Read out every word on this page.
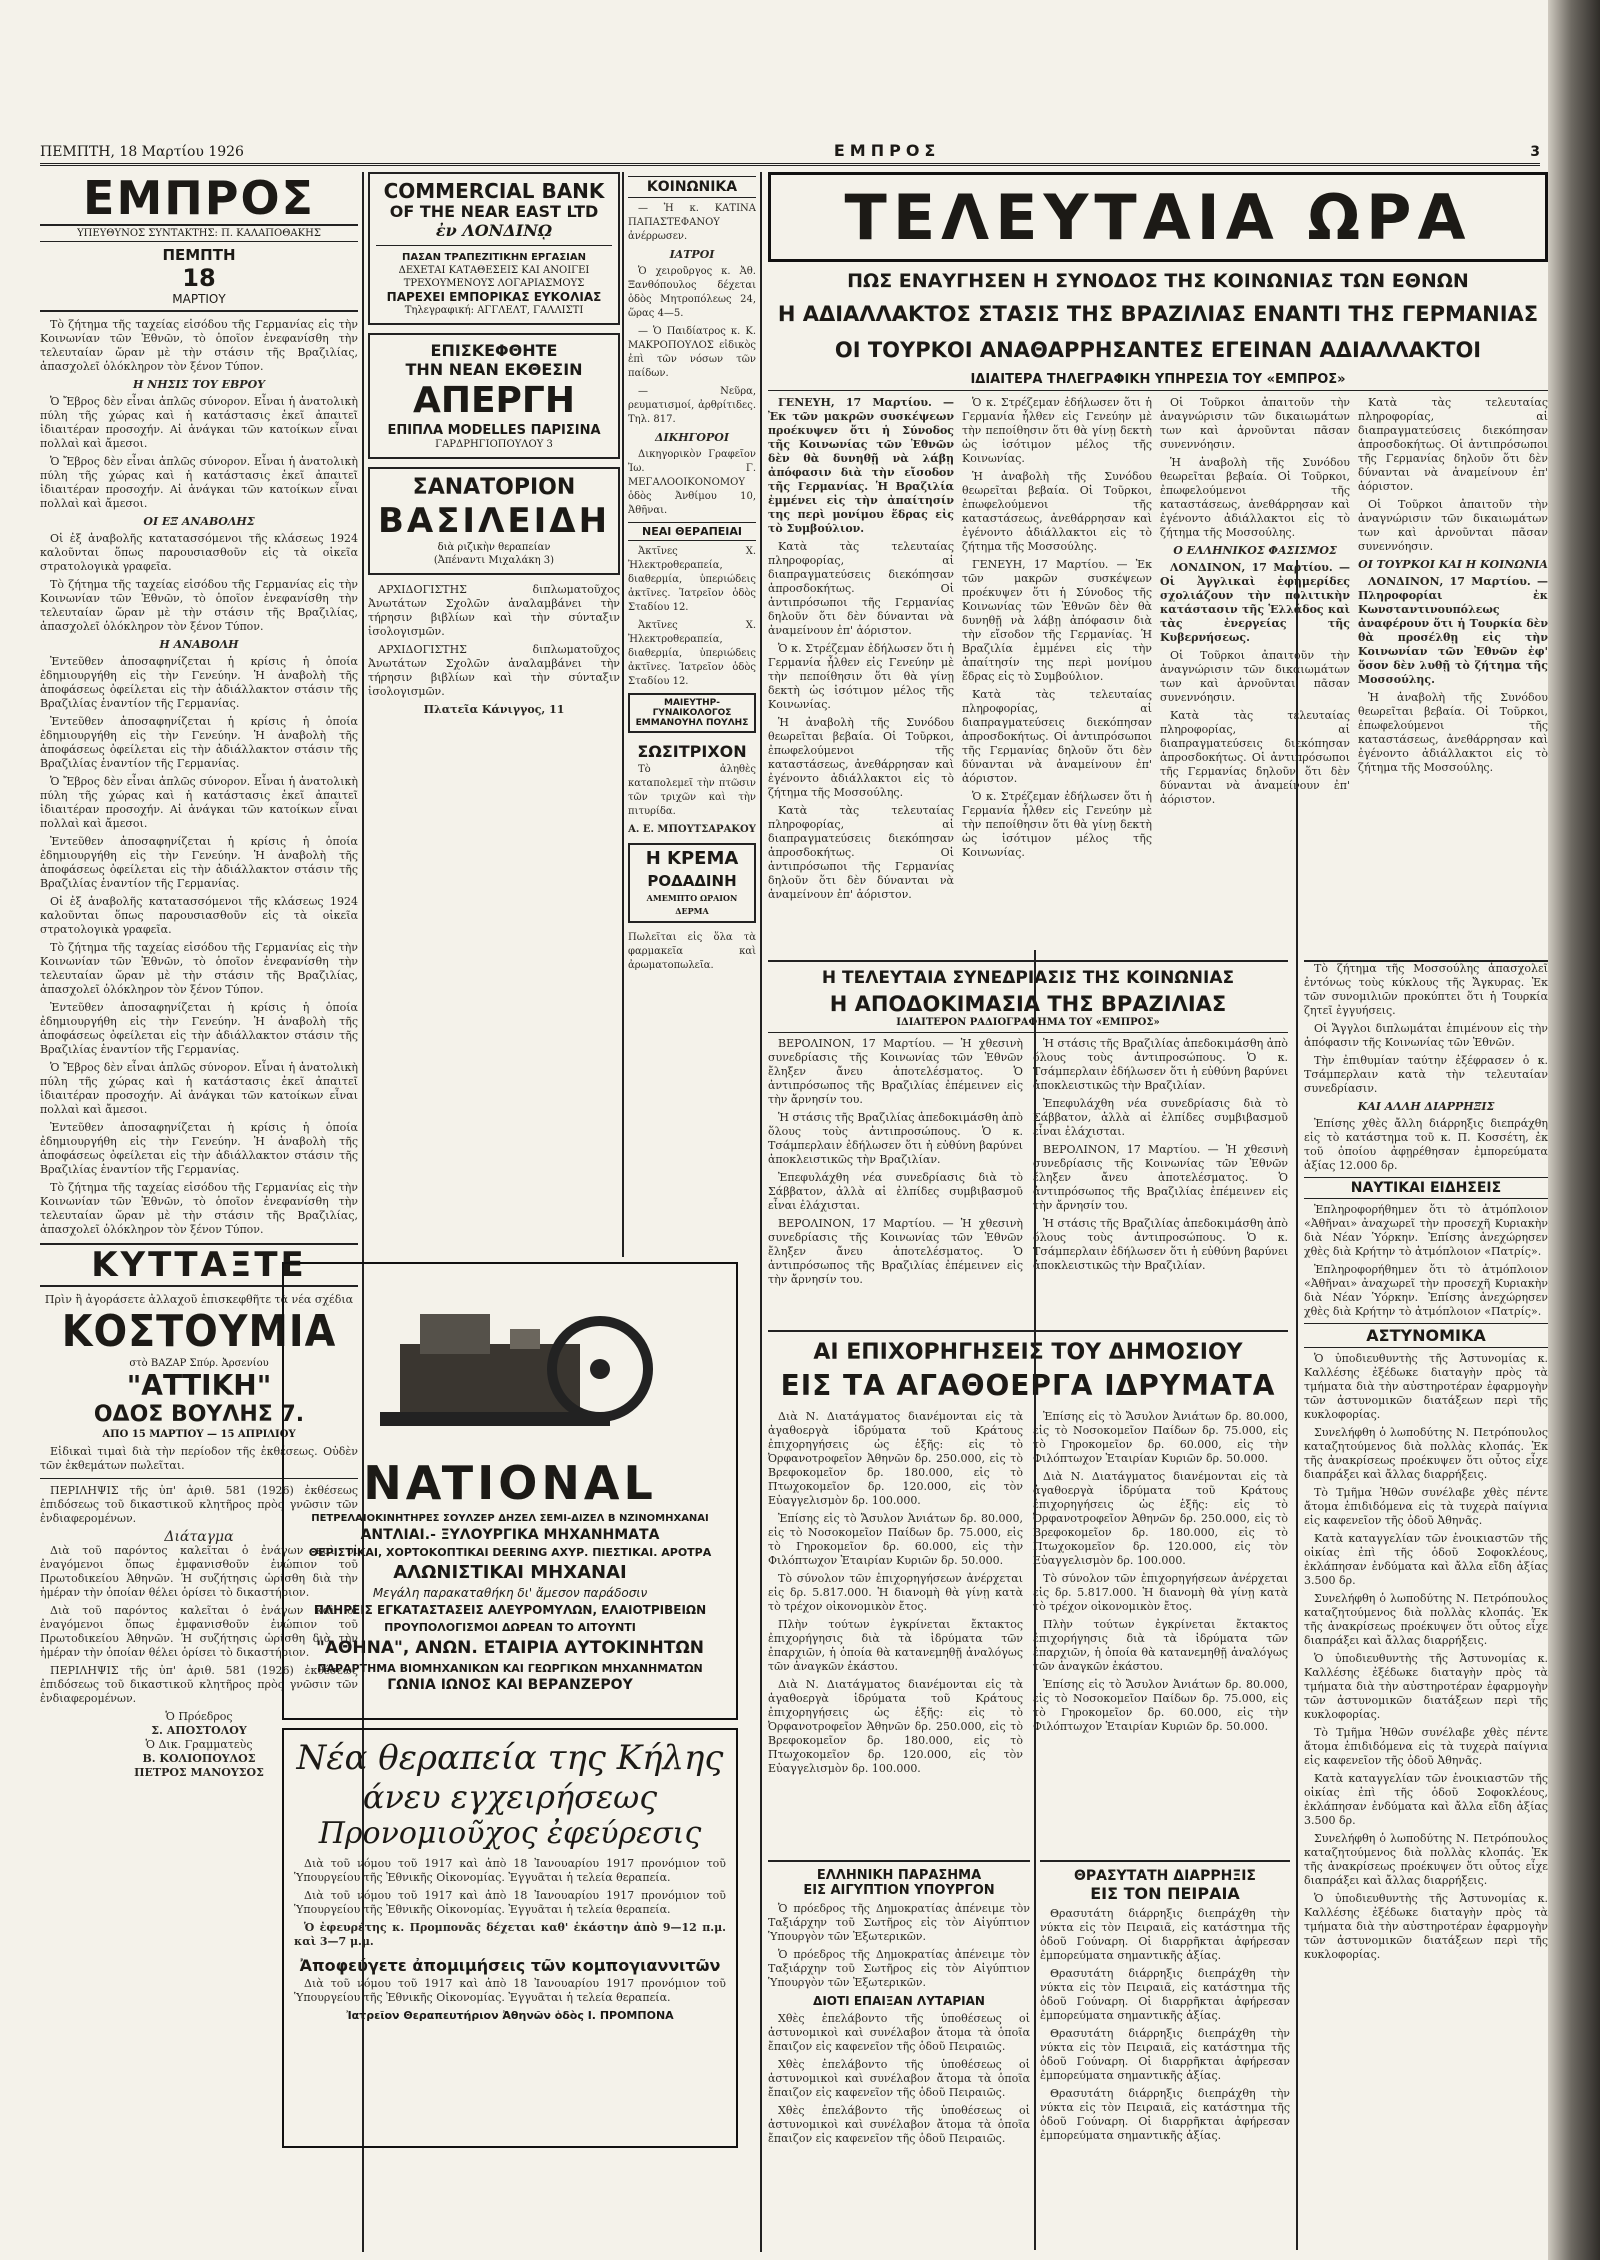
ΠΕΜΠΤΗ, 18 Μαρτίου 1926	ΕΜΠΡΟΣ	3
ΕΜΠΡΟΣ
ΥΠΕΥΘΥΝΟΣ ΣΥΝΤΑΚΤΗΣ: Π. ΚΑΛΑΠΟΘΑΚΗΣ
ΠΕΜΠΤΗ
18
ΜΑΡΤΙΟΥ

Τὸ ζήτημα τῆς ταχείας εἰσόδου τῆς Γερμανίας εἰς τὴν Κοινωνίαν τῶν Ἐθνῶν, τὸ ὁποῖον ἐνεφανίσθη τὴν τελευταίαν ὥραν μὲ τὴν στάσιν τῆς Βραζιλίας, ἀπασχολεῖ ὁλόκληρον τὸν ξένον Τύπον.

Η ΝΗΣΙΣ ΤΟΥ ΕΒΡΟΥ

Ὁ Ἔβρος δὲν εἶναι ἁπλῶς σύνορον. Εἶναι ἡ ἀνατολικὴ πύλη τῆς χώρας καὶ ἡ κατάστασις ἐκεῖ ἀπαιτεῖ ἰδιαιτέραν προσοχήν. Αἱ ἀνάγκαι τῶν κατοίκων εἶναι πολλαὶ καὶ ἄμεσοι.

Ὁ Ἔβρος δὲν εἶναι ἁπλῶς σύνορον. Εἶναι ἡ ἀνατολικὴ πύλη τῆς χώρας καὶ ἡ κατάστασις ἐκεῖ ἀπαιτεῖ ἰδιαιτέραν προσοχήν. Αἱ ἀνάγκαι τῶν κατοίκων εἶναι πολλαὶ καὶ ἄμεσοι.

ΟΙ ΕΞ ΑΝΑΒΟΛΗΣ

Οἱ ἐξ ἀναβολῆς κατατασσόμενοι τῆς κλάσεως 1924 καλοῦνται ὅπως παρουσιασθοῦν εἰς τὰ οἰκεῖα στρατολογικὰ γραφεῖα.

Τὸ ζήτημα τῆς ταχείας εἰσόδου τῆς Γερμανίας εἰς τὴν Κοινωνίαν τῶν Ἐθνῶν, τὸ ὁποῖον ἐνεφανίσθη τὴν τελευταίαν ὥραν μὲ τὴν στάσιν τῆς Βραζιλίας, ἀπασχολεῖ ὁλόκληρον τὸν ξένον Τύπον.

Η ΑΝΑΒΟΛΗ

Ἐντεῦθεν ἀποσαφηνίζεται ἡ κρίσις ἡ ὁποία ἐδημιουργήθη εἰς τὴν Γενεύην. Ἡ ἀναβολὴ τῆς ἀποφάσεως ὀφείλεται εἰς τὴν ἀδιάλλακτον στάσιν τῆς Βραζιλίας ἐναντίον τῆς Γερμανίας.

Ἐντεῦθεν ἀποσαφηνίζεται ἡ κρίσις ἡ ὁποία ἐδημιουργήθη εἰς τὴν Γενεύην. Ἡ ἀναβολὴ τῆς ἀποφάσεως ὀφείλεται εἰς τὴν ἀδιάλλακτον στάσιν τῆς Βραζιλίας ἐναντίον τῆς Γερμανίας.

Ὁ Ἔβρος δὲν εἶναι ἁπλῶς σύνορον. Εἶναι ἡ ἀνατολικὴ πύλη τῆς χώρας καὶ ἡ κατάστασις ἐκεῖ ἀπαιτεῖ ἰδιαιτέραν προσοχήν. Αἱ ἀνάγκαι τῶν κατοίκων εἶναι πολλαὶ καὶ ἄμεσοι.

Ἐντεῦθεν ἀποσαφηνίζεται ἡ κρίσις ἡ ὁποία ἐδημιουργήθη εἰς τὴν Γενεύην. Ἡ ἀναβολὴ τῆς ἀποφάσεως ὀφείλεται εἰς τὴν ἀδιάλλακτον στάσιν τῆς Βραζιλίας ἐναντίον τῆς Γερμανίας.

Οἱ ἐξ ἀναβολῆς κατατασσόμενοι τῆς κλάσεως 1924 καλοῦνται ὅπως παρουσιασθοῦν εἰς τὰ οἰκεῖα στρατολογικὰ γραφεῖα.

Τὸ ζήτημα τῆς ταχείας εἰσόδου τῆς Γερμανίας εἰς τὴν Κοινωνίαν τῶν Ἐθνῶν, τὸ ὁποῖον ἐνεφανίσθη τὴν τελευταίαν ὥραν μὲ τὴν στάσιν τῆς Βραζιλίας, ἀπασχολεῖ ὁλόκληρον τὸν ξένον Τύπον.

Ἐντεῦθεν ἀποσαφηνίζεται ἡ κρίσις ἡ ὁποία ἐδημιουργήθη εἰς τὴν Γενεύην. Ἡ ἀναβολὴ τῆς ἀποφάσεως ὀφείλεται εἰς τὴν ἀδιάλλακτον στάσιν τῆς Βραζιλίας ἐναντίον τῆς Γερμανίας.

Ὁ Ἔβρος δὲν εἶναι ἁπλῶς σύνορον. Εἶναι ἡ ἀνατολικὴ πύλη τῆς χώρας καὶ ἡ κατάστασις ἐκεῖ ἀπαιτεῖ ἰδιαιτέραν προσοχήν. Αἱ ἀνάγκαι τῶν κατοίκων εἶναι πολλαὶ καὶ ἄμεσοι.

Ἐντεῦθεν ἀποσαφηνίζεται ἡ κρίσις ἡ ὁποία ἐδημιουργήθη εἰς τὴν Γενεύην. Ἡ ἀναβολὴ τῆς ἀποφάσεως ὀφείλεται εἰς τὴν ἀδιάλλακτον στάσιν τῆς Βραζιλίας ἐναντίον τῆς Γερμανίας.

Τὸ ζήτημα τῆς ταχείας εἰσόδου τῆς Γερμανίας εἰς τὴν Κοινωνίαν τῶν Ἐθνῶν, τὸ ὁποῖον ἐνεφανίσθη τὴν τελευταίαν ὥραν μὲ τὴν στάσιν τῆς Βραζιλίας, ἀπασχολεῖ ὁλόκληρον τὸν ξένον Τύπον.

ΚΥΤΤΑΞΤΕ
Πρὶν ἢ ἀγοράσετε ἀλλαχοῦ ἐπισκεφθῆτε τὰ νέα σχέδια
ΚΟΣΤΟΥΜΙΑ
στὸ ΒΑΖΑΡ Σπύρ. Ἀρσενίου
"ΑΤΤΙΚΗ"
ΟΔΟΣ ΒΟΥΛΗΣ 7.
ΑΠΟ 15 ΜΑΡΤΙΟΥ — 15 ΑΠΡΙΛΙΟΥ

Εἰδικαὶ τιμαὶ διὰ τὴν περίοδον τῆς ἐκθέσεως. Οὐδὲν τῶν ἐκθεμάτων πωλεῖται.

ΠΕΡΙΛΗΨΙΣ τῆς ὑπ' ἀριθ. 581 (1926) ἐκθέσεως ἐπιδόσεως τοῦ δικαστικοῦ κλητῆρος πρὸς γνῶσιν τῶν ἐνδιαφερομένων.

Διάταγμα

Διὰ τοῦ παρόντος καλεῖται ὁ ἐνάγων καὶ οἱ ἐναγόμενοι ὅπως ἐμφανισθοῦν ἐνώπιον τοῦ Πρωτοδικείου Ἀθηνῶν. Ἡ συζήτησις ὡρίσθη διὰ τὴν ἡμέραν τὴν ὁποίαν θέλει ὁρίσει τὸ δικαστήριον.

Διὰ τοῦ παρόντος καλεῖται ὁ ἐνάγων καὶ οἱ ἐναγόμενοι ὅπως ἐμφανισθοῦν ἐνώπιον τοῦ Πρωτοδικείου Ἀθηνῶν. Ἡ συζήτησις ὡρίσθη διὰ τὴν ἡμέραν τὴν ὁποίαν θέλει ὁρίσει τὸ δικαστήριον.

ΠΕΡΙΛΗΨΙΣ τῆς ὑπ' ἀριθ. 581 (1926) ἐκθέσεως ἐπιδόσεως τοῦ δικαστικοῦ κλητῆρος πρὸς γνῶσιν τῶν ἐνδιαφερομένων.

Ὁ Πρόεδρος
Σ. ΑΠΟΣΤΟΛΟΥ
Ὁ Δικ. Γραμματεὺς
Β. ΚΟΛΙΟΠΟΥΛΟΣ
ΠΕΤΡΟΣ ΜΑΝΟΥΣΟΣ
COMMERCIAL BANK
OF THE NEAR EAST LTD
ἐν ΛΟΝΔΙΝῼ
ΠΑΣΑΝ ΤΡΑΠΕΖΙΤΙΚΗΝ ΕΡΓΑΣΙΑΝ
ΔΕΧΕΤΑΙ ΚΑΤΑΘΕΣΕΙΣ ΚΑΙ ΑΝΟΙΓΕΙ ΤΡΕΧΟΥΜΕΝΟΥΣ ΛΟΓΑΡΙΑΣΜΟΥΣ
ΠΑΡΕΧΕΙ ΕΜΠΟΡΙΚΑΣ ΕΥΚΟΛΙΑΣ
Τηλεγραφική: ΑΓΓΛΕΛΤ, ΓΑΛΛΙΣΤΙ
ΕΠΙΣΚΕΦΘΗΤΕ
ΤΗΝ ΝΕΑΝ ΕΚΘΕΣΙΝ
ΑΠΕΡΓΗ
ΕΠΙΠΛΑ MODELLES ΠΑΡΙΣΙΝΑ
ΓΑΡΔΡΗΓΙΟΠΟΥΛΟΥ 3
ΣΑΝΑΤΟΡΙΟΝ
ΒΑΣΙΛΕΙΔΗ
διὰ ριζικὴν θεραπείαν
(Ἀπέναντι Μιχαλάκη 3)

ΑΡΧΙΔΟΓΙΣΤΗΣ διπλωματοῦχος Ἀνωτάτων Σχολῶν ἀναλαμβάνει τὴν τήρησιν βιβλίων καὶ τὴν σύνταξιν ἰσολογισμῶν.

ΑΡΧΙΔΟΓΙΣΤΗΣ διπλωματοῦχος Ἀνωτάτων Σχολῶν ἀναλαμβάνει τὴν τήρησιν βιβλίων καὶ τὴν σύνταξιν ἰσολογισμῶν.

Πλατεῖα Κάνιγγος, 11
ΚΟΙΝΩΝΙΚΑ

— Ἡ κ. ΚΑΤΙΝΑ ΠΑΠΑΣΤΕΦΑΝΟΥ ἀνέρρωσεν.

ΙΑΤΡΟΙ

Ὁ χειροῦργος κ. Ἀθ. Ξανθόπουλος δέχεται ὁδὸς Μητροπόλεως 24, ὥρας 4—5.

— Ὁ Παιδίατρος κ. Κ. ΜΑΚΡΟΠΟΥΛΟΣ εἰδικὸς ἐπὶ τῶν νόσων τῶν παίδων.

— Νεῦρα, ρευματισμοί, ἀρθρίτιδες. Τηλ. 817.

ΔΙΚΗΓΟΡΟΙ

Δικηγορικὸν Γραφεῖον Ἰω. Γ. ΜΕΓΑΛΟΟΙΚΟΝΟΜΟΥ ὁδὸς Ἀνθίμου 10, Ἀθῆναι.

ΝΕΑΙ ΘΕΡΑΠΕΙΑΙ

Ἀκτῖνες Χ. Ἠλεκτροθεραπεία, διαθερμία, ὑπεριώδεις ἀκτῖνες. Ἰατρεῖον ὁδὸς Σταδίου 12.

Ἀκτῖνες Χ. Ἠλεκτροθεραπεία, διαθερμία, ὑπεριώδεις ἀκτῖνες. Ἰατρεῖον ὁδὸς Σταδίου 12.

ΜΑΙΕΥΤΗΡ-ΓΥΝΑΙΚΟΛΟΓΟΣ
ΕΜΜΑΝΟΥΗΛ ΠΟΥΛΗΣ
ΣΩΣΙΤΡΙΧΟΝ

Τὸ ἀληθὲς καταπολεμεῖ τὴν πτῶσιν τῶν τριχῶν καὶ τὴν πιτυρίδα.

Α. Ε. ΜΠΟΥΤΣΑΡΑΚΟΥ
Η ΚΡΕΜΑ
ΡΟΔΑΔΙΝΗ
ΑΜΕΜΠΤΟ ΩΡΑΙΟΝ ΔΕΡΜΑ
Πωλεῖται εἰς ὅλα τὰ φαρμακεῖα καὶ ἀρωματοπωλεῖα.
NATIONAL
ΠΕΤΡΕΛΑΙΟΚΙΝΗΤΗΡΕΣ ΣΟΥΛΖΕΡ ΔΗΖΕΛ ΣΕΜΙ-ΔΙΖΕΛ Β ΝΖΙΝΟΜΗΧΑΝΑΙ
ΑΝΤΛΙΑΙ.- ΞΥΛΟΥΡΓΙΚΑ ΜΗΧΑΝΗΜΑΤΑ
ΘΕΡΙΣΤΙΚΑΙ, ΧΟΡΤΟΚΟΠΤΙΚΑΙ DEERING ΑΧΥΡ. ΠΙΕΣΤΙΚΑΙ. ΑΡΟΤΡΑ
ΑΛΩΝΙΣΤΙΚΑΙ ΜΗΧΑΝΑΙ
Μεγάλη παρακαταθήκη δι' ἄμεσον παράδοσιν
ΠΛΗΡΕΙΣ ΕΓΚΑΤΑΣΤΑΣΕΙΣ ΑΛΕΥΡΟΜΥΛΩΝ, ΕΛΑΙΟΤΡΙΒΕΙΩΝ
ΠΡΟΥΠΟΛΟΓΙΣΜΟΙ ΔΩΡΕΑΝ ΤΟ ΑΙΤΟΥΝΤΙ
"ΑΘΗΝΑ", ΑΝΩΝ. ΕΤΑΙΡΙΑ ΑΥΤΟΚΙΝΗΤΩΝ
ΠΑΡΑΡΤΗΜΑ ΒΙΟΜΗΧΑΝΙΚΩΝ ΚΑΙ ΓΕΩΡΓΙΚΩΝ ΜΗΧΑΝΗΜΑΤΩΝ
ΓΩΝΙΑ ΙΩΝΟΣ ΚΑΙ ΒΕΡΑΝΖΕΡΟΥ
Νέα θεραπεία της Κήλης
άνευ εγχειρήσεως
Προνομιοῦχος ἐφεύρεσις

Διὰ τοῦ νόμου τοῦ 1917 καὶ ἀπὸ 18 Ἰανουαρίου 1917 προνόμιον τοῦ Ὑπουργείου τῆς Ἐθνικῆς Οἰκονομίας. Ἐγγυᾶται ἡ τελεία θεραπεία.

Διὰ τοῦ νόμου τοῦ 1917 καὶ ἀπὸ 18 Ἰανουαρίου 1917 προνόμιον τοῦ Ὑπουργείου τῆς Ἐθνικῆς Οἰκονομίας. Ἐγγυᾶται ἡ τελεία θεραπεία.

Ὁ ἐφευρέτης κ. Προμπονᾶς δέχεται καθ' ἑκάστην ἀπὸ 9—12 π.μ. καὶ 3—7 μ.μ.

Ἀποφεύγετε ἀπομιμήσεις τῶν κομπογιαννιτῶν

Διὰ τοῦ νόμου τοῦ 1917 καὶ ἀπὸ 18 Ἰανουαρίου 1917 προνόμιον τοῦ Ὑπουργείου τῆς Ἐθνικῆς Οἰκονομίας. Ἐγγυᾶται ἡ τελεία θεραπεία.

Ἰατρεῖον Θεραπευτήριον Ἀθηνῶν ὁδὸς Ι. ΠΡΟΜΠΟΝΑ
ΤΕΛΕΥΤΑΙΑ ΩΡΑ
ΠΩΣ ΕΝΑΥΓΗΣΕΝ Η ΣΥΝΟΔΟΣ ΤΗΣ ΚΟΙΝΩΝΙΑΣ ΤΩΝ ΕΘΝΩΝ
Η ΑΔΙΑΛΛΑΚΤΟΣ ΣΤΑΣΙΣ ΤΗΣ ΒΡΑΖΙΛΙΑΣ ΕΝΑΝΤΙ ΤΗΣ ΓΕΡΜΑΝΙΑΣ
ΟΙ ΤΟΥΡΚΟΙ ΑΝΑΘΑΡΡΗΣΑΝΤΕΣ ΕΓΕΙΝΑΝ ΑΔΙΑΛΛΑΚΤΟΙ
ΙΔΙΑΙΤΕΡΑ ΤΗΛΕΓΡΑΦΙΚΗ ΥΠΗΡΕΣΙΑ ΤΟΥ «ΕΜΠΡΟΣ»

ΓΕΝΕΥΗ, 17 Μαρτίου. — Ἐκ τῶν μακρῶν συσκέψεων προέκυψεν ὅτι ἡ Σύνοδος τῆς Κοινωνίας τῶν Ἐθνῶν δὲν θὰ δυνηθῇ νὰ λάβῃ ἀπόφασιν διὰ τὴν εἴσοδον τῆς Γερμανίας. Ἡ Βραζιλία ἐμμένει εἰς τὴν ἀπαίτησίν της περὶ μονίμου ἕδρας εἰς τὸ Συμβούλιον.

Κατὰ τὰς τελευταίας πληροφορίας, αἱ διαπραγματεύσεις διεκόπησαν ἀπροσδοκήτως. Οἱ ἀντιπρόσωποι τῆς Γερμανίας δηλοῦν ὅτι δὲν δύνανται νὰ ἀναμείνουν ἐπ' ἀόριστον.

Ὁ κ. Στρέζεμαν ἐδήλωσεν ὅτι ἡ Γερμανία ἦλθεν εἰς Γενεύην μὲ τὴν πεποίθησιν ὅτι θὰ γίνῃ δεκτὴ ὡς ἰσότιμον μέλος τῆς Κοινωνίας.

Ἡ ἀναβολὴ τῆς Συνόδου θεωρεῖται βεβαία. Οἱ Τοῦρκοι, ἐπωφελούμενοι τῆς καταστάσεως, ἀνεθάρρησαν καὶ ἐγένοντο ἀδιάλλακτοι εἰς τὸ ζήτημα τῆς Μοσσούλης.

Κατὰ τὰς τελευταίας πληροφορίας, αἱ διαπραγματεύσεις διεκόπησαν ἀπροσδοκήτως. Οἱ ἀντιπρόσωποι τῆς Γερμανίας δηλοῦν ὅτι δὲν δύνανται νὰ ἀναμείνουν ἐπ' ἀόριστον.

Ὁ κ. Στρέζεμαν ἐδήλωσεν ὅτι ἡ Γερμανία ἦλθεν εἰς Γενεύην μὲ τὴν πεποίθησιν ὅτι θὰ γίνῃ δεκτὴ ὡς ἰσότιμον μέλος τῆς Κοινωνίας.

Ἡ ἀναβολὴ τῆς Συνόδου θεωρεῖται βεβαία. Οἱ Τοῦρκοι, ἐπωφελούμενοι τῆς καταστάσεως, ἀνεθάρρησαν καὶ ἐγένοντο ἀδιάλλακτοι εἰς τὸ ζήτημα τῆς Μοσσούλης.

ΓΕΝΕΥΗ, 17 Μαρτίου. — Ἐκ τῶν μακρῶν συσκέψεων προέκυψεν ὅτι ἡ Σύνοδος τῆς Κοινωνίας τῶν Ἐθνῶν δὲν θὰ δυνηθῇ νὰ λάβῃ ἀπόφασιν διὰ τὴν εἴσοδον τῆς Γερμανίας. Ἡ Βραζιλία ἐμμένει εἰς τὴν ἀπαίτησίν της περὶ μονίμου ἕδρας εἰς τὸ Συμβούλιον.

Κατὰ τὰς τελευταίας πληροφορίας, αἱ διαπραγματεύσεις διεκόπησαν ἀπροσδοκήτως. Οἱ ἀντιπρόσωποι τῆς Γερμανίας δηλοῦν ὅτι δὲν δύνανται νὰ ἀναμείνουν ἐπ' ἀόριστον.

Ὁ κ. Στρέζεμαν ἐδήλωσεν ὅτι ἡ Γερμανία ἦλθεν εἰς Γενεύην μὲ τὴν πεποίθησιν ὅτι θὰ γίνῃ δεκτὴ ὡς ἰσότιμον μέλος τῆς Κοινωνίας.

Οἱ Τοῦρκοι ἀπαιτοῦν τὴν ἀναγνώρισιν τῶν δικαιωμάτων των καὶ ἀρνοῦνται πᾶσαν συνεννόησιν.

Ἡ ἀναβολὴ τῆς Συνόδου θεωρεῖται βεβαία. Οἱ Τοῦρκοι, ἐπωφελούμενοι τῆς καταστάσεως, ἀνεθάρρησαν καὶ ἐγένοντο ἀδιάλλακτοι εἰς τὸ ζήτημα τῆς Μοσσούλης.

Ο ΕΛΛΗΝΙΚΟΣ ΦΑΣΙΣΜΟΣ

ΛΟΝΔΙΝΟΝ, 17 Μαρτίου. — Οἱ Ἀγγλικαὶ ἐφημερίδες σχολιάζουν τὴν πολιτικὴν κατάστασιν τῆς Ἑλλάδος καὶ τὰς ἐνεργείας τῆς Κυβερνήσεως.

Οἱ Τοῦρκοι ἀπαιτοῦν τὴν ἀναγνώρισιν τῶν δικαιωμάτων των καὶ ἀρνοῦνται πᾶσαν συνεννόησιν.

Κατὰ τὰς τελευταίας πληροφορίας, αἱ διαπραγματεύσεις διεκόπησαν ἀπροσδοκήτως. Οἱ ἀντιπρόσωποι τῆς Γερμανίας δηλοῦν ὅτι δὲν δύνανται νὰ ἀναμείνουν ἐπ' ἀόριστον.

Κατὰ τὰς τελευταίας πληροφορίας, αἱ διαπραγματεύσεις διεκόπησαν ἀπροσδοκήτως. Οἱ ἀντιπρόσωποι τῆς Γερμανίας δηλοῦν ὅτι δὲν δύνανται νὰ ἀναμείνουν ἐπ' ἀόριστον.

Οἱ Τοῦρκοι ἀπαιτοῦν τὴν ἀναγνώρισιν τῶν δικαιωμάτων των καὶ ἀρνοῦνται πᾶσαν συνεννόησιν.

ΟΙ ΤΟΥΡΚΟΙ ΚΑΙ Η ΚΟΙΝΩΝΙΑ

ΛΟΝΔΙΝΟΝ, 17 Μαρτίου. — Πληροφορίαι ἐκ Κωνσταντινουπόλεως ἀναφέρουν ὅτι ἡ Τουρκία δὲν θὰ προσέλθῃ εἰς τὴν Κοινωνίαν τῶν Ἐθνῶν ἐφ' ὅσον δὲν λυθῇ τὸ ζήτημα τῆς Μοσσούλης.

Ἡ ἀναβολὴ τῆς Συνόδου θεωρεῖται βεβαία. Οἱ Τοῦρκοι, ἐπωφελούμενοι τῆς καταστάσεως, ἀνεθάρρησαν καὶ ἐγένοντο ἀδιάλλακτοι εἰς τὸ ζήτημα τῆς Μοσσούλης.

Η ΤΕΛΕΥΤΑΙΑ ΣΥΝΕΔΡΙΑΣΙΣ ΤΗΣ ΚΟΙΝΩΝΙΑΣ
Η ΑΠΟΔΟΚΙΜΑΣΙΑ ΤΗΣ ΒΡΑΖΙΛΙΑΣ
ΙΔΙΑΙΤΕΡΟΝ ΡΑΔΙΟΓΡΑΦΗΜΑ ΤΟΥ «ΕΜΠΡΟΣ»

ΒΕΡΟΛΙΝΟΝ, 17 Μαρτίου. — Ἡ χθεσινὴ συνεδρίασις τῆς Κοινωνίας τῶν Ἐθνῶν ἔληξεν ἄνευ ἀποτελέσματος. Ὁ ἀντιπρόσωπος τῆς Βραζιλίας ἐπέμεινεν εἰς τὴν ἄρνησίν του.

Ἡ στάσις τῆς Βραζιλίας ἀπεδοκιμάσθη ἀπὸ ὅλους τοὺς ἀντιπροσώπους. Ὁ κ. Τσάμπερλαιν ἐδήλωσεν ὅτι ἡ εὐθύνη βαρύνει ἀποκλειστικῶς τὴν Βραζιλίαν.

Ἐπεφυλάχθη νέα συνεδρίασις διὰ τὸ Σάββατον, ἀλλὰ αἱ ἐλπίδες συμβιβασμοῦ εἶναι ἐλάχισται.

ΒΕΡΟΛΙΝΟΝ, 17 Μαρτίου. — Ἡ χθεσινὴ συνεδρίασις τῆς Κοινωνίας τῶν Ἐθνῶν ἔληξεν ἄνευ ἀποτελέσματος. Ὁ ἀντιπρόσωπος τῆς Βραζιλίας ἐπέμεινεν εἰς τὴν ἄρνησίν του.

Ἡ στάσις τῆς Βραζιλίας ἀπεδοκιμάσθη ἀπὸ ὅλους τοὺς ἀντιπροσώπους. Ὁ κ. Τσάμπερλαιν ἐδήλωσεν ὅτι ἡ εὐθύνη βαρύνει ἀποκλειστικῶς τὴν Βραζιλίαν.

Ἐπεφυλάχθη νέα συνεδρίασις διὰ τὸ Σάββατον, ἀλλὰ αἱ ἐλπίδες συμβιβασμοῦ εἶναι ἐλάχισται.

ΒΕΡΟΛΙΝΟΝ, 17 Μαρτίου. — Ἡ χθεσινὴ συνεδρίασις τῆς Κοινωνίας τῶν Ἐθνῶν ἔληξεν ἄνευ ἀποτελέσματος. Ὁ ἀντιπρόσωπος τῆς Βραζιλίας ἐπέμεινεν εἰς τὴν ἄρνησίν του.

Ἡ στάσις τῆς Βραζιλίας ἀπεδοκιμάσθη ἀπὸ ὅλους τοὺς ἀντιπροσώπους. Ὁ κ. Τσάμπερλαιν ἐδήλωσεν ὅτι ἡ εὐθύνη βαρύνει ἀποκλειστικῶς τὴν Βραζιλίαν.

ΑΙ ΕΠΙΧΟΡΗΓΗΣΕΙΣ ΤΟΥ ΔΗΜΟΣΙΟΥ
ΕΙΣ ΤΑ ΑΓΑΘΟΕΡΓΑ ΙΔΡΥΜΑΤΑ

Διὰ Ν. Διατάγματος διανέμονται εἰς τὰ ἀγαθοεργὰ ἱδρύματα τοῦ Κράτους ἐπιχορηγήσεις ὡς ἑξῆς: εἰς τὸ Ὀρφανοτροφεῖον Ἀθηνῶν δρ. 250.000, εἰς τὸ Βρεφοκομεῖον δρ. 180.000, εἰς τὸ Πτωχοκομεῖον δρ. 120.000, εἰς τὸν Εὐαγγελισμὸν δρ. 100.000.

Ἐπίσης εἰς τὸ Ἄσυλον Ἀνιάτων δρ. 80.000, εἰς τὸ Νοσοκομεῖον Παίδων δρ. 75.000, εἰς τὸ Γηροκομεῖον δρ. 60.000, εἰς τὴν Φιλόπτωχον Ἑταιρίαν Κυριῶν δρ. 50.000.

Τὸ σύνολον τῶν ἐπιχορηγήσεων ἀνέρχεται εἰς δρ. 5.817.000. Ἡ διανομὴ θὰ γίνῃ κατὰ τὸ τρέχον οἰκονομικὸν ἔτος.

Πλὴν τούτων ἐγκρίνεται ἔκτακτος ἐπιχορήγησις διὰ τὰ ἱδρύματα τῶν ἐπαρχιῶν, ἡ ὁποία θὰ κατανεμηθῇ ἀναλόγως τῶν ἀναγκῶν ἑκάστου.

Διὰ Ν. Διατάγματος διανέμονται εἰς τὰ ἀγαθοεργὰ ἱδρύματα τοῦ Κράτους ἐπιχορηγήσεις ὡς ἑξῆς: εἰς τὸ Ὀρφανοτροφεῖον Ἀθηνῶν δρ. 250.000, εἰς τὸ Βρεφοκομεῖον δρ. 180.000, εἰς τὸ Πτωχοκομεῖον δρ. 120.000, εἰς τὸν Εὐαγγελισμὸν δρ. 100.000.

Ἐπίσης εἰς τὸ Ἄσυλον Ἀνιάτων δρ. 80.000, εἰς τὸ Νοσοκομεῖον Παίδων δρ. 75.000, εἰς τὸ Γηροκομεῖον δρ. 60.000, εἰς τὴν Φιλόπτωχον Ἑταιρίαν Κυριῶν δρ. 50.000.

Διὰ Ν. Διατάγματος διανέμονται εἰς τὰ ἀγαθοεργὰ ἱδρύματα τοῦ Κράτους ἐπιχορηγήσεις ὡς ἑξῆς: εἰς τὸ Ὀρφανοτροφεῖον Ἀθηνῶν δρ. 250.000, εἰς τὸ Βρεφοκομεῖον δρ. 180.000, εἰς τὸ Πτωχοκομεῖον δρ. 120.000, εἰς τὸν Εὐαγγελισμὸν δρ. 100.000.

Τὸ σύνολον τῶν ἐπιχορηγήσεων ἀνέρχεται εἰς δρ. 5.817.000. Ἡ διανομὴ θὰ γίνῃ κατὰ τὸ τρέχον οἰκονομικὸν ἔτος.

Πλὴν τούτων ἐγκρίνεται ἔκτακτος ἐπιχορήγησις διὰ τὰ ἱδρύματα τῶν ἐπαρχιῶν, ἡ ὁποία θὰ κατανεμηθῇ ἀναλόγως τῶν ἀναγκῶν ἑκάστου.

Ἐπίσης εἰς τὸ Ἄσυλον Ἀνιάτων δρ. 80.000, εἰς τὸ Νοσοκομεῖον Παίδων δρ. 75.000, εἰς τὸ Γηροκομεῖον δρ. 60.000, εἰς τὴν Φιλόπτωχον Ἑταιρίαν Κυριῶν δρ. 50.000.

Τὸ ζήτημα τῆς Μοσσούλης ἀπασχολεῖ ἐντόνως τοὺς κύκλους τῆς Ἄγκυρας. Ἐκ τῶν συνομιλιῶν προκύπτει ὅτι ἡ Τουρκία ζητεῖ ἐγγυήσεις.

Οἱ Ἄγγλοι διπλωμάται ἐπιμένουν εἰς τὴν ἀπόφασιν τῆς Κοινωνίας τῶν Ἐθνῶν.

Τὴν ἐπιθυμίαν ταύτην ἐξέφρασεν ὁ κ. Τσάμπερλαιν κατὰ τὴν τελευταίαν συνεδρίασιν.

ΚΑΙ ΑΛΛΗ ΔΙΑΡΡΗΞΙΣ

Ἐπίσης χθὲς ἄλλη διάρρηξις διεπράχθη εἰς τὸ κατάστημα τοῦ κ. Π. Κοσσέτη, ἐκ τοῦ ὁποίου ἀφῃρέθησαν ἐμπορεύματα ἀξίας 12.000 δρ.

ΝΑΥΤΙΚΑΙ ΕΙΔΗΣΕΙΣ

Ἐπληροφορήθημεν ὅτι τὸ ἀτμόπλοιον «Ἀθῆναι» ἀναχωρεῖ τὴν προσεχῆ Κυριακὴν διὰ Νέαν Ὑόρκην. Ἐπίσης ἀνεχώρησεν χθὲς διὰ Κρήτην τὸ ἀτμόπλοιον «Πατρίς».

Ἐπληροφορήθημεν ὅτι τὸ ἀτμόπλοιον «Ἀθῆναι» ἀναχωρεῖ τὴν προσεχῆ Κυριακὴν διὰ Νέαν Ὑόρκην. Ἐπίσης ἀνεχώρησεν χθὲς διὰ Κρήτην τὸ ἀτμόπλοιον «Πατρίς».

ΑΣΤΥΝΟΜΙΚΑ

Ὁ ὑποδιευθυντὴς τῆς Ἀστυνομίας κ. Καλλέσης ἐξέδωκε διαταγὴν πρὸς τὰ τμήματα διὰ τὴν αὐστηροτέραν ἐφαρμογὴν τῶν ἀστυνομικῶν διατάξεων περὶ τῆς κυκλοφορίας.

Συνελήφθη ὁ λωποδύτης Ν. Πετρόπουλος καταζητούμενος διὰ πολλὰς κλοπάς. Ἐκ τῆς ἀνακρίσεως προέκυψεν ὅτι οὗτος εἶχε διαπράξει καὶ ἄλλας διαρρήξεις.

Τὸ Τμῆμα Ἠθῶν συνέλαβε χθὲς πέντε ἄτομα ἐπιδιδόμενα εἰς τὰ τυχερὰ παίγνια εἰς καφενεῖον τῆς ὁδοῦ Ἀθηνᾶς.

Κατὰ καταγγελίαν τῶν ἐνοικιαστῶν τῆς οἰκίας ἐπὶ τῆς ὁδοῦ Σοφοκλέους, ἐκλάπησαν ἐνδύματα καὶ ἄλλα εἴδη ἀξίας 3.500 δρ.

Συνελήφθη ὁ λωποδύτης Ν. Πετρόπουλος καταζητούμενος διὰ πολλὰς κλοπάς. Ἐκ τῆς ἀνακρίσεως προέκυψεν ὅτι οὗτος εἶχε διαπράξει καὶ ἄλλας διαρρήξεις.

Ὁ ὑποδιευθυντὴς τῆς Ἀστυνομίας κ. Καλλέσης ἐξέδωκε διαταγὴν πρὸς τὰ τμήματα διὰ τὴν αὐστηροτέραν ἐφαρμογὴν τῶν ἀστυνομικῶν διατάξεων περὶ τῆς κυκλοφορίας.

Τὸ Τμῆμα Ἠθῶν συνέλαβε χθὲς πέντε ἄτομα ἐπιδιδόμενα εἰς τὰ τυχερὰ παίγνια εἰς καφενεῖον τῆς ὁδοῦ Ἀθηνᾶς.

Κατὰ καταγγελίαν τῶν ἐνοικιαστῶν τῆς οἰκίας ἐπὶ τῆς ὁδοῦ Σοφοκλέους, ἐκλάπησαν ἐνδύματα καὶ ἄλλα εἴδη ἀξίας 3.500 δρ.

Συνελήφθη ὁ λωποδύτης Ν. Πετρόπουλος καταζητούμενος διὰ πολλὰς κλοπάς. Ἐκ τῆς ἀνακρίσεως προέκυψεν ὅτι οὗτος εἶχε διαπράξει καὶ ἄλλας διαρρήξεις.

Ὁ ὑποδιευθυντὴς τῆς Ἀστυνομίας κ. Καλλέσης ἐξέδωκε διαταγὴν πρὸς τὰ τμήματα διὰ τὴν αὐστηροτέραν ἐφαρμογὴν τῶν ἀστυνομικῶν διατάξεων περὶ τῆς κυκλοφορίας.

ΕΛΛΗΝΙΚΗ ΠΑΡΑΣΗΜΑ
ΕΙΣ ΑΙΓΥΠΤΙΟΝ ΥΠΟΥΡΓΟΝ

Ὁ πρόεδρος τῆς Δημοκρατίας ἀπένειμε τὸν Ταξιάρχην τοῦ Σωτῆρος εἰς τὸν Αἰγύπτιον Ὑπουργὸν τῶν Ἐξωτερικῶν.

Ὁ πρόεδρος τῆς Δημοκρατίας ἀπένειμε τὸν Ταξιάρχην τοῦ Σωτῆρος εἰς τὸν Αἰγύπτιον Ὑπουργὸν τῶν Ἐξωτερικῶν.

ΔΙΟΤΙ ΕΠΑΙΞΑΝ ΛΥΤΑΡΙΑΝ

Χθὲς ἐπελάβοντο τῆς ὑποθέσεως οἱ ἀστυνομικοὶ καὶ συνέλαβον ἄτομα τὰ ὁποῖα ἔπαιζον εἰς καφενεῖον τῆς ὁδοῦ Πειραιῶς.

Χθὲς ἐπελάβοντο τῆς ὑποθέσεως οἱ ἀστυνομικοὶ καὶ συνέλαβον ἄτομα τὰ ὁποῖα ἔπαιζον εἰς καφενεῖον τῆς ὁδοῦ Πειραιῶς.

Χθὲς ἐπελάβοντο τῆς ὑποθέσεως οἱ ἀστυνομικοὶ καὶ συνέλαβον ἄτομα τὰ ὁποῖα ἔπαιζον εἰς καφενεῖον τῆς ὁδοῦ Πειραιῶς.

ΘΡΑΣΥΤΑΤΗ ΔΙΑΡΡΗΞΙΣ
ΕΙΣ ΤΟΝ ΠΕΙΡΑΙΑ

Θρασυτάτη διάρρηξις διεπράχθη τὴν νύκτα εἰς τὸν Πειραιᾶ, εἰς κατάστημα τῆς ὁδοῦ Γούναρη. Οἱ διαρρῆκται ἀφήρεσαν ἐμπορεύματα σημαντικῆς ἀξίας.

Θρασυτάτη διάρρηξις διεπράχθη τὴν νύκτα εἰς τὸν Πειραιᾶ, εἰς κατάστημα τῆς ὁδοῦ Γούναρη. Οἱ διαρρῆκται ἀφήρεσαν ἐμπορεύματα σημαντικῆς ἀξίας.

Θρασυτάτη διάρρηξις διεπράχθη τὴν νύκτα εἰς τὸν Πειραιᾶ, εἰς κατάστημα τῆς ὁδοῦ Γούναρη. Οἱ διαρρῆκται ἀφήρεσαν ἐμπορεύματα σημαντικῆς ἀξίας.

Θρασυτάτη διάρρηξις διεπράχθη τὴν νύκτα εἰς τὸν Πειραιᾶ, εἰς κατάστημα τῆς ὁδοῦ Γούναρη. Οἱ διαρρῆκται ἀφήρεσαν ἐμπορεύματα σημαντικῆς ἀξίας.
